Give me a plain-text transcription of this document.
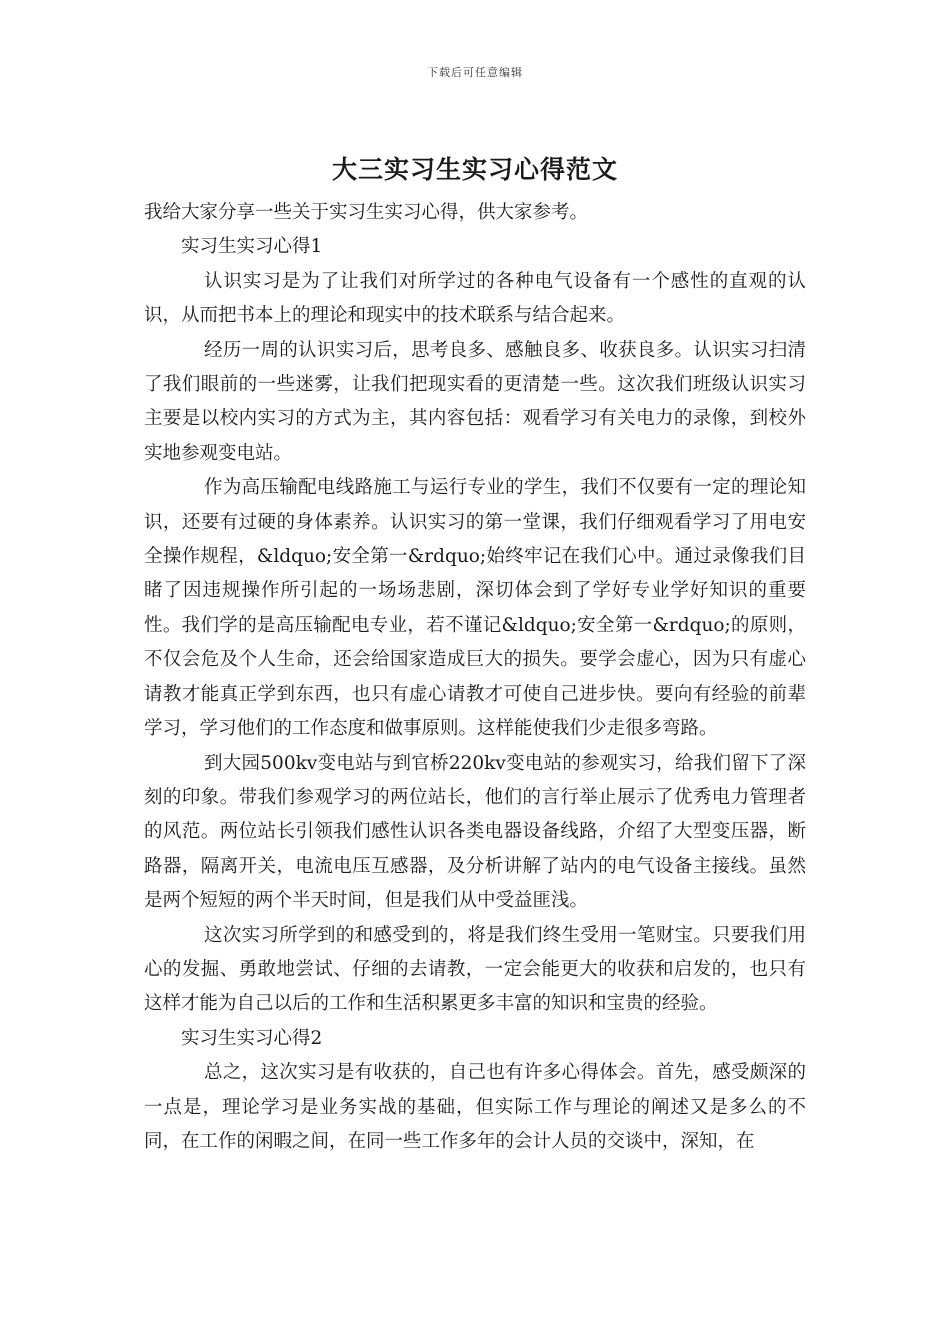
下载后可任意编辑
大三实习生实习心得范文

我给大家分享一些关于实习生实习心得，供大家参考。

实习生实习心得1

认识实习是为了让我们对所学过的各种电气设备有一个感性的直观的认识，从而把书本上的理论和现实中的技术联系与结合起来。

经历一周的认识实习后，思考良多、感触良多、收获良多。认识实习扫清了我们眼前的一些迷雾，让我们把现实看的更清楚一些。这次我们班级认识实习主要是以校内实习的方式为主，其内容包括：观看学习有关电力的录像，到校外实地参观变电站。

作为高压输配电线路施工与运行专业的学生，我们不仅要有一定的理论知识，还要有过硬的身体素养。认识实习的第一堂课，我们仔细观看学习了用电安全操作规程，&ldquo;安全第一&rdquo;始终牢记在我们心中。通过录像我们目睹了因违规操作所引起的一场场悲剧，深切体会到了学好专业学好知识的重要性。我们学的是高压输配电专业，若不谨记&ldquo;安全第一&rdquo;的原则，不仅会危及个人生命，还会给国家造成巨大的损失。要学会虚心，因为只有虚心请教才能真正学到东西，也只有虚心请教才可使自己进步快。要向有经验的前辈学习，学习他们的工作态度和做事原则。这样能使我们少走很多弯路。

到大园500kv变电站与到官桥220kv变电站的参观实习，给我们留下了深刻的印象。带我们参观学习的两位站长，他们的言行举止展示了优秀电力管理者的风范。两位站长引领我们感性认识各类电器设备线路，介绍了大型变压器，断路器，隔离开关，电流电压互感器，及分析讲解了站内的电气设备主接线。虽然是两个短短的两个半天时间，但是我们从中受益匪浅。

这次实习所学到的和感受到的，将是我们终生受用一笔财宝。只要我们用心的发掘、勇敢地尝试、仔细的去请教，一定会能更大的收获和启发的，也只有这样才能为自己以后的工作和生活积累更多丰富的知识和宝贵的经验。

实习生实习心得2

总之，这次实习是有收获的，自己也有许多心得体会。首先，感受颇深的一点是，理论学习是业务实战的基础，但实际工作与理论的阐述又是多么的不同，在工作的闲暇之间，在同一些工作多年的会计人员的交谈中，深知，在
